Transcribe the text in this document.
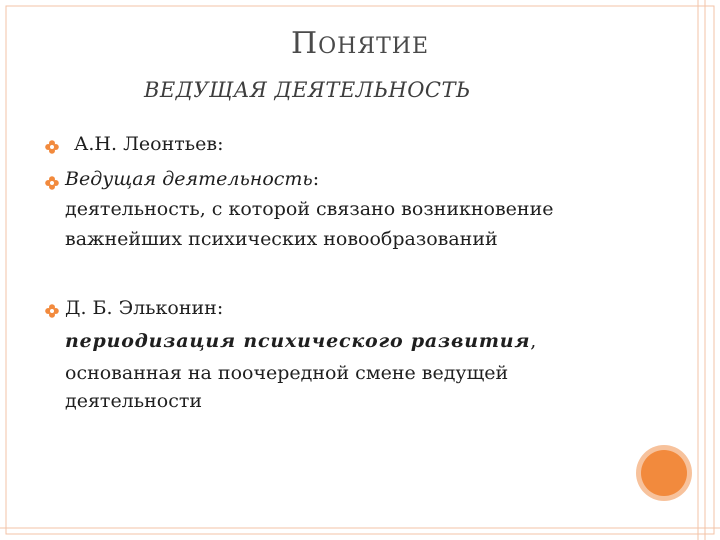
ПОНЯТИЕ
ВЕДУЩАЯ ДЕЯТЕЛЬНОСТЬ
А.Н. Леонтьев:
Ведущая деятельность:
деятельность, с которой связано возникновение
важнейших психических новообразований
Д. Б. Эльконин:
периодизация психического развития,
основанная на поочередной смене ведущей
деятельности
